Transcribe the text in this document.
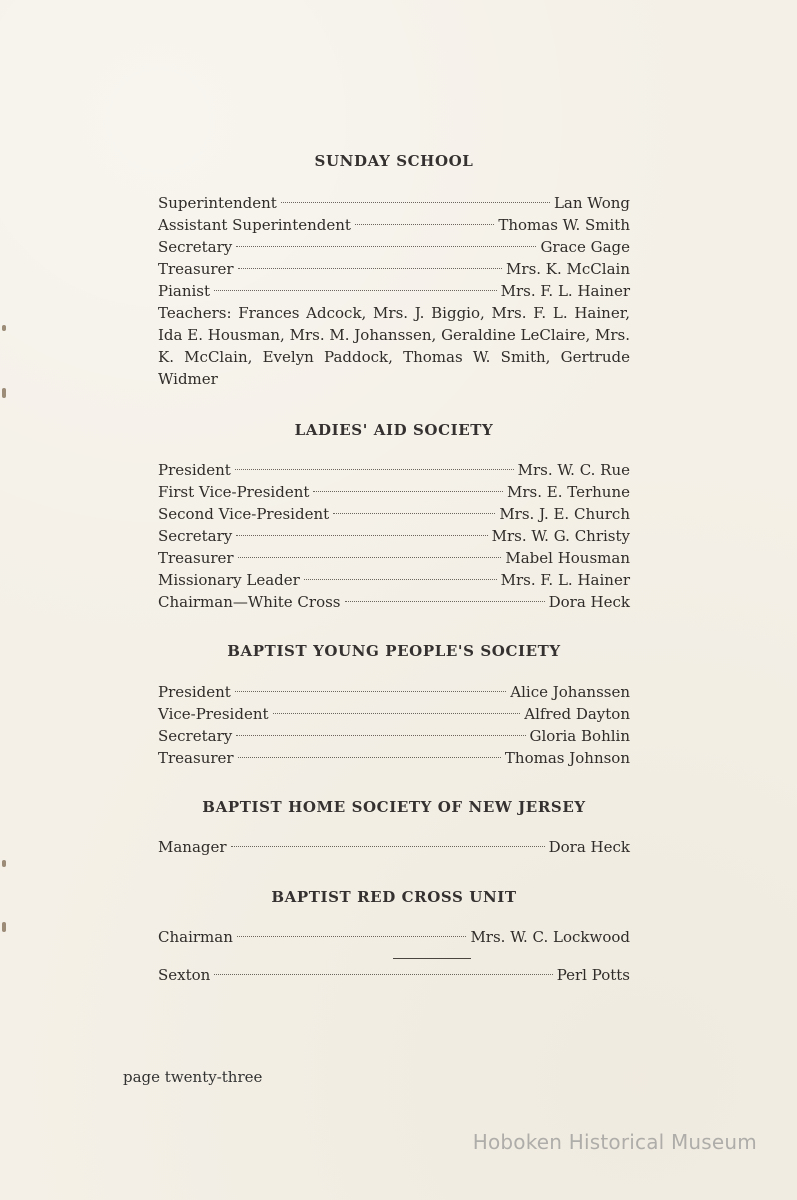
SUNDAY SCHOOL
Superintendent	Lan Wong
Assistant Superintendent	Thomas W. Smith
Secretary	Grace Gage
Treasurer	Mrs. K. McClain
Pianist	Mrs. F. L. Hainer

Teachers: Frances Adcock, Mrs. J. Biggio, Mrs. F. L. Hainer, Ida E. Housman, Mrs. M. Johanssen, Geraldine LeClaire, Mrs. K. McClain, Evelyn Paddock, Thomas W. Smith, Gertrude Widmer

LADIES' AID SOCIETY
President	Mrs. W. C. Rue
First Vice-President	Mrs. E. Terhune
Second Vice-President	Mrs. J. E. Church
Secretary	Mrs. W. G. Christy
Treasurer	Mabel Housman
Missionary Leader	Mrs. F. L. Hainer
Chairman—White Cross	Dora Heck
BAPTIST YOUNG PEOPLE'S SOCIETY
President	Alice Johanssen
Vice-President	Alfred Dayton
Secretary	Gloria Bohlin
Treasurer	Thomas Johnson
BAPTIST HOME SOCIETY OF NEW JERSEY
Manager	Dora Heck
BAPTIST RED CROSS UNIT
Chairman	Mrs. W. C. Lockwood
Sexton	Perl Potts
page twenty-three
Hoboken Historical Museum
